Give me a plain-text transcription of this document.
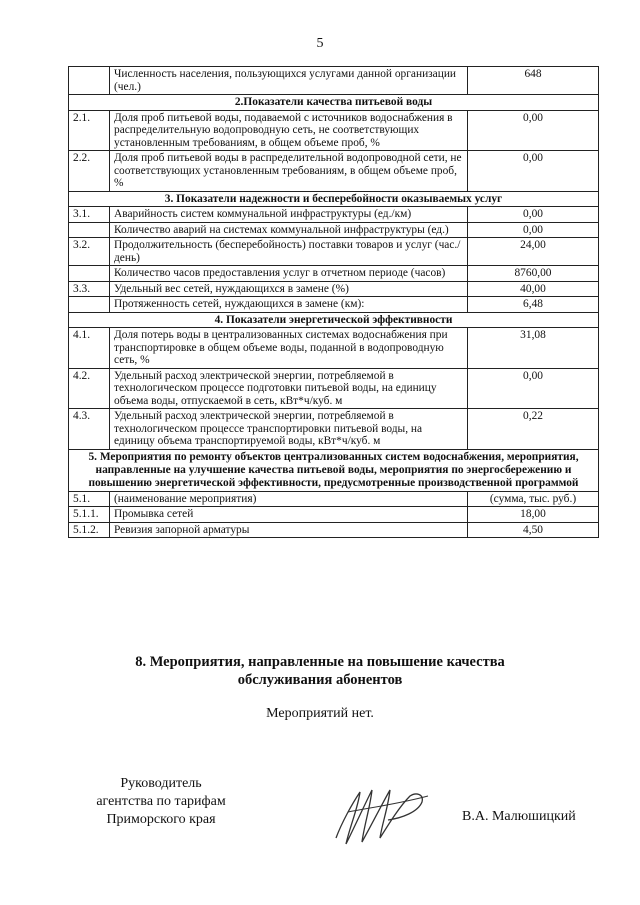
5
	Численность населения, пользующихся услугами данной организации (чел.)	648
2.Показатели качества питьевой воды		
2.1.	Доля проб питьевой воды, подаваемой с источников водоснабжения в распределительную водопроводную сеть, не соответствующих установленным требованиям, в общем объеме проб, %	0,00
2.2.	Доля проб питьевой воды в распределительной водопроводной сети, не соответствующих установленным требованиям, в общем объеме проб, %	0,00
3. Показатели надежности и бесперебойности оказываемых услуг		
3.1.	Аварийность систем коммунальной инфраструктуры (ед./км)	0,00
	Количество аварий на системах коммунальной инфраструктуры (ед.)	0,00
3.2.	Продолжительность (бесперебойность) поставки товаров и услуг (час./день)	24,00
	Количество часов предоставления услуг в отчетном периоде (часов)	8760,00
3.3.	Удельный вес сетей, нуждающихся в замене (%)	40,00
	Протяженность сетей, нуждающихся в замене (км):	6,48
4. Показатели энергетической эффективности		
4.1.	Доля потерь воды в централизованных системах водоснабжения при транспортировке в общем объеме воды, поданной в водопроводную сеть, %	31,08
4.2.	Удельный расход электрической энергии, потребляемой в технологическом процессе подготовки питьевой воды, на единицу объема воды, отпускаемой в сеть, кВт*ч/куб. м	0,00
4.3.	Удельный расход электрической энергии, потребляемой в технологическом процессе транспортировки питьевой воды, на единицу объема транспортируемой воды, кВт*ч/куб. м	0,22
5. Мероприятия по ремонту объектов централизованных систем водоснабжения, мероприятия, направленные на улучшение качества питьевой воды, мероприятия по энергосбережению и повышению энергетической эффективности, предусмотренные производственной программой		
5.1.	(наименование мероприятия)	(сумма, тыс. руб.)
5.1.1.	Промывка сетей	18,00
5.1.2.	Ревизия запорной арматуры	4,50
8. Мероприятия, направленные на повышение качества
обслуживания абонентов
Мероприятий нет.
Руководитель
агентства по тарифам
Приморского края	В.А. Малюшицкий
